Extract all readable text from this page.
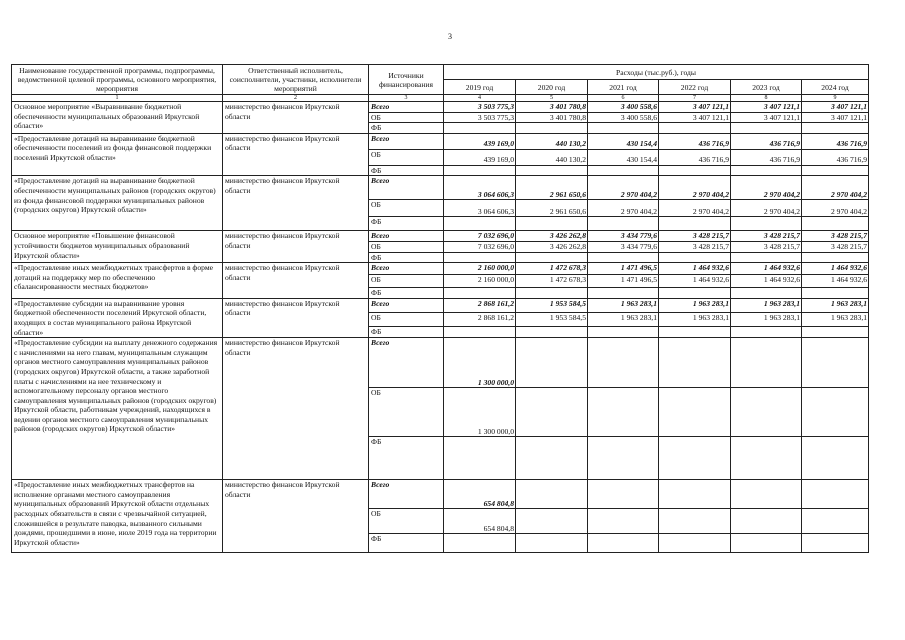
3
Наименование государственной программы, подпрограммы, ведомственной целевой программы, основного мероприятия, мероприятия	Ответственный исполнитель, соисполнители, участники, исполнители мероприятий	Источники финансирования	Расходы (тыс.руб.), годы					
			2019 год	2020 год	2021 год	2022 год	2023 год	2024 год
1	2	3	4	5	6	7	8	9
Основное мероприятие «Выравнивание бюджетной обеспеченности муниципальных образований Иркутской области»	министерство финансов Иркутской области	Всего	3 503 775,3	3 401 780,8	3 400 558,6	3 407 121,1	3 407 121,1	3 407 121,1
		ОБ	3 503 775,3	3 401 780,8	3 400 558,6	3 407 121,1	3 407 121,1	3 407 121,1
		ФБ						
«Предоставление дотаций на выравнивание бюджетной обеспеченности поселений из фонда финансовой поддержки поселений Иркутской области»	министерство финансов Иркутской области	Всего	439 169,0	440 130,2	430 154,4	436 716,9	436 716,9	436 716,9
		ОБ	439 169,0	440 130,2	430 154,4	436 716,9	436 716,9	436 716,9
		ФБ						
«Предоставление дотаций на выравнивание бюджетной обеспеченности муниципальных районов (городских округов) из фонда финансовой поддержки муниципальных районов (городских округов) Иркутской области»	министерство финансов Иркутской области	Всего	3 064 606,3	2 961 650,6	2 970 404,2	2 970 404,2	2 970 404,2	2 970 404,2
		ОБ	3 064 606,3	2 961 650,6	2 970 404,2	2 970 404,2	2 970 404,2	2 970 404,2
		ФБ						
Основное мероприятие «Повышение финансовой устойчивости бюджетов муниципальных образований Иркутской области»	министерство финансов Иркутской области	Всего	7 032 696,0	3 426 262,8	3 434 779,6	3 428 215,7	3 428 215,7	3 428 215,7
		ОБ	7 032 696,0	3 426 262,8	3 434 779,6	3 428 215,7	3 428 215,7	3 428 215,7
		ФБ						
«Предоставление иных межбюджетных трансфертов в форме дотаций на поддержку мер по обеспечению сбалансированности местных бюджетов»	министерство финансов Иркутской области	Всего	2 160 000,0	1 472 678,3	1 471 496,5	1 464 932,6	1 464 932,6	1 464 932,6
		ОБ	2 160 000,0	1 472 678,3	1 471 496,5	1 464 932,6	1 464 932,6	1 464 932,6
		ФБ						
«Предоставление субсидии на выравнивание уровня бюджетной обеспеченности поселений Иркутской области, входящих в состав муниципального района Иркутской области»	министерство финансов Иркутской области	Всего	2 868 161,2	1 953 584,5	1 963 283,1	1 963 283,1	1 963 283,1	1 963 283,1
		ОБ	2 868 161,2	1 953 584,5	1 963 283,1	1 963 283,1	1 963 283,1	1 963 283,1
		ФБ						
«Предоставление субсидии на выплату денежного содержания с начислениями на него главам, муниципальным служащим органов местного самоуправления муниципальных районов (городских округов) Иркутской области, а также заработной платы с начислениями на нее техническому и вспомогательному персоналу органов местного самоуправления муниципальных районов (городских округов) Иркутской области, работникам учреждений, находящихся в ведении органов местного самоуправления муниципальных районов (городских округов) Иркутской области»	министерство финансов Иркутской области	Всего	1 300 000,0					
		ОБ	1 300 000,0					
		ФБ						
«Предоставление иных межбюджетных трансфертов на исполнение органами местного самоуправления муниципальных образований Иркутской области отдельных расходных обязательств в связи с чрезвычайной ситуацией, сложившейся в результате паводка, вызванного сильными дождями, прошедшими в июне, июле 2019 года на территории Иркутской области»	министерство финансов Иркутской области	Всего	654 804,8					
		ОБ	654 804,8					
		ФБ						
